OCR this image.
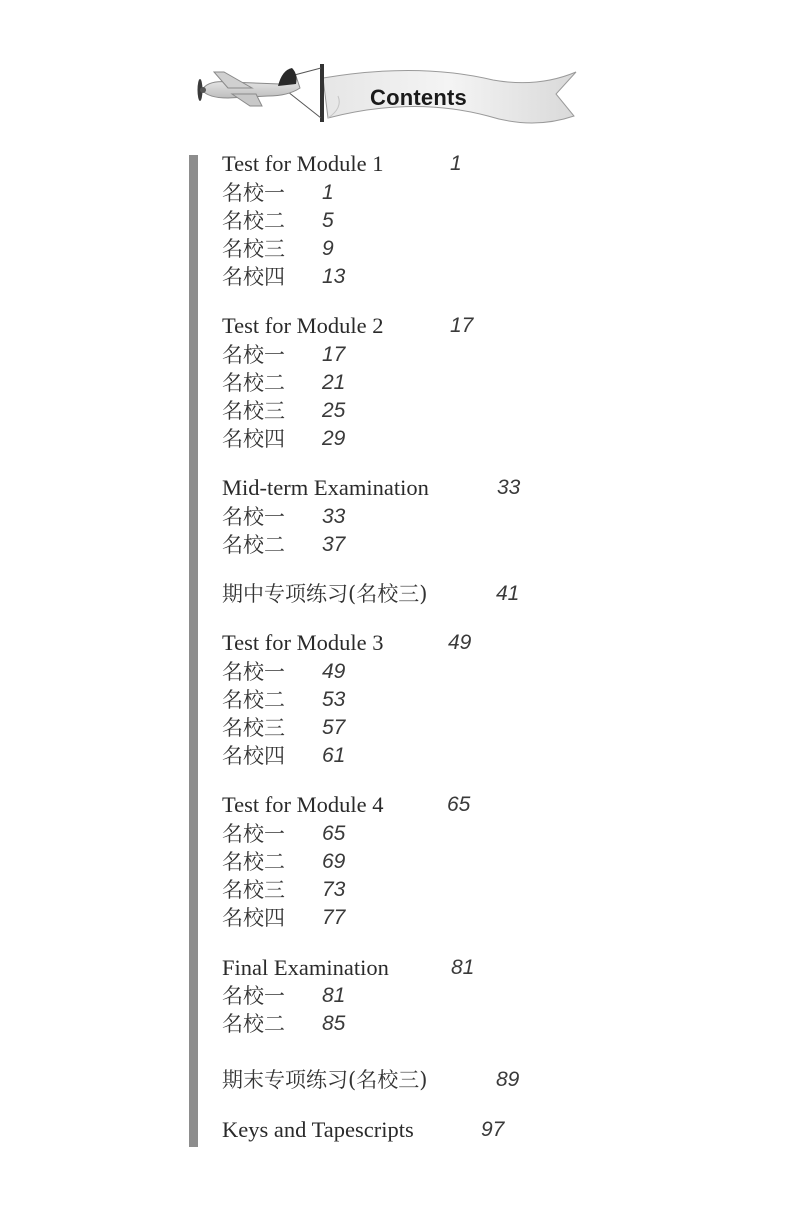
Contents
Test for Module 1	1
名校一 1
名校二 5
名校三 9
名校四 13
Test for Module 2	17
名校一 17
名校二 21
名校三 25
名校四 29
Mid-term Examination	33
名校一 33
名校二 37
期中专项练习(名校三)	41
Test for Module 3	49
名校一 49
名校二 53
名校三 57
名校四 61
Test for Module 4	65
名校一 65
名校二 69
名校三 73
名校四 77
Final Examination	81
名校一 81
名校二 85
期末专项练习(名校三)	89
Keys and Tapescripts	97
